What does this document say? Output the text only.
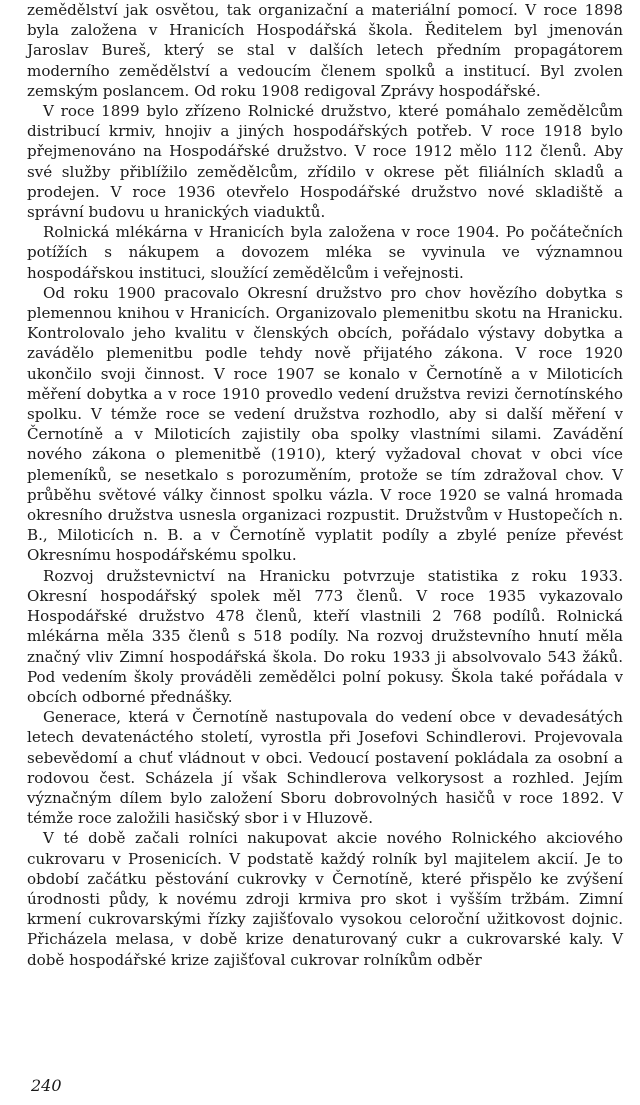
zemědělství jak osvětou, tak organizační a materiální pomocí. V roce 1898 byla založena v Hranicích Hospodářská škola. Ředitelem byl jmenován Jaroslav Bureš, který se stal v dalších letech předním propagátorem moderního zemědělství a vedoucím členem spolků a institucí. Byl zvolen zemským poslancem. Od roku 1908 redigoval Zprávy hospodářské.

V roce 1899 bylo zřízeno Rolnické družstvo, které pomáhalo zemědělcům distribucí krmiv, hnojiv a jiných hospodářských potřeb. V roce 1918 bylo přejmenováno na Hospodářské družstvo. V roce 1912 mělo 112 členů. Aby své služby přiblížilo zemědělcům, zřídilo v okrese pět filiálních skladů a prodejen. V roce 1936 otevřelo Hospodářské družstvo nové skladiště a správní budovu u hranických viaduktů.

Rolnická mlékárna v Hranicích byla založena v roce 1904. Po počátečních potížích s nákupem a dovozem mléka se vyvinula ve významnou hospodářskou instituci, sloužící zemědělcům i veřejnosti.

Od roku 1900 pracovalo Okresní družstvo pro chov hovězího dobytka s plemennou knihou v Hranicích. Organizovalo plemenitbu skotu na Hranicku. Kontrolovalo jeho kvalitu v členských obcích, pořádalo výstavy dobytka a zavádělo plemenitbu podle tehdy nově přijatého zákona. V roce 1920 ukončilo svoji činnost. V roce 1907 se konalo v Černotíně a v Miloticích měření dobytka a v roce 1910 provedlo vedení družstva revizi černotínského spolku. V témže roce se vedení družstva rozhodlo, aby si další měření v Černotíně a v Miloticích zajistily oba spolky vlastními silami. Zavádění nového zákona o plemenitbě (1910), který vyžadoval chovat v obci více plemeníků, se nesetkalo s porozuměním, protože se tím zdražoval chov. V průběhu světové války činnost spolku vázla. V roce 1920 se valná hromada okresního družstva usnesla organizaci rozpustit. Družstvům v Hustopečích n. B., Miloticích n. B. a v Černotíně vyplatit podíly a zbylé peníze převést Okresnímu hospodářskému spolku.

Rozvoj družstevnictví na Hranicku potvrzuje statistika z roku 1933. Okresní hospodářský spolek měl 773 členů. V roce 1935 vykazovalo Hospodářské družstvo 478 členů, kteří vlastnili 2 768 podílů. Rolnická mlékárna měla 335 členů s 518 podíly. Na rozvoj družstevního hnutí měla značný vliv Zimní hospodářská škola. Do roku 1933 ji absolvovalo 543 žáků. Pod vedením školy prováděli zemědělci polní pokusy. Škola také pořádala v obcích odborné přednášky.

Generace, která v Černotíně nastupovala do vedení obce v devadesátých letech devatenáctého století, vyrostla při Josefovi Schindlerovi. Projevovala sebevědomí a chuť vládnout v obci. Vedoucí postavení pokládala za osobní a rodovou čest. Scházela jí však Schindlerova velkorysost a rozhled. Jejím význačným dílem bylo založení Sboru dobrovolných hasičů v roce 1892. V témže roce založili hasičský sbor i v Hluzově.

V té době začali rolníci nakupovat akcie nového Rolnického akciového cukrovaru v Prosenicích. V podstatě každý rolník byl majitelem akcií. Je to období začátku pěstování cukrovky v Černotíně, které přispělo ke zvýšení úrodnosti půdy, k novému zdroji krmiva pro skot i vyšším tržbám. Zimní krmení cukrovarskými řízky zajišťovalo vysokou celoroční užitkovost dojnic. Přicházela melasa, v době krize denaturovaný cukr a cukrovarské kaly. V době hospodářské krize zajišťoval cukrovar rolníkům odběr

240
